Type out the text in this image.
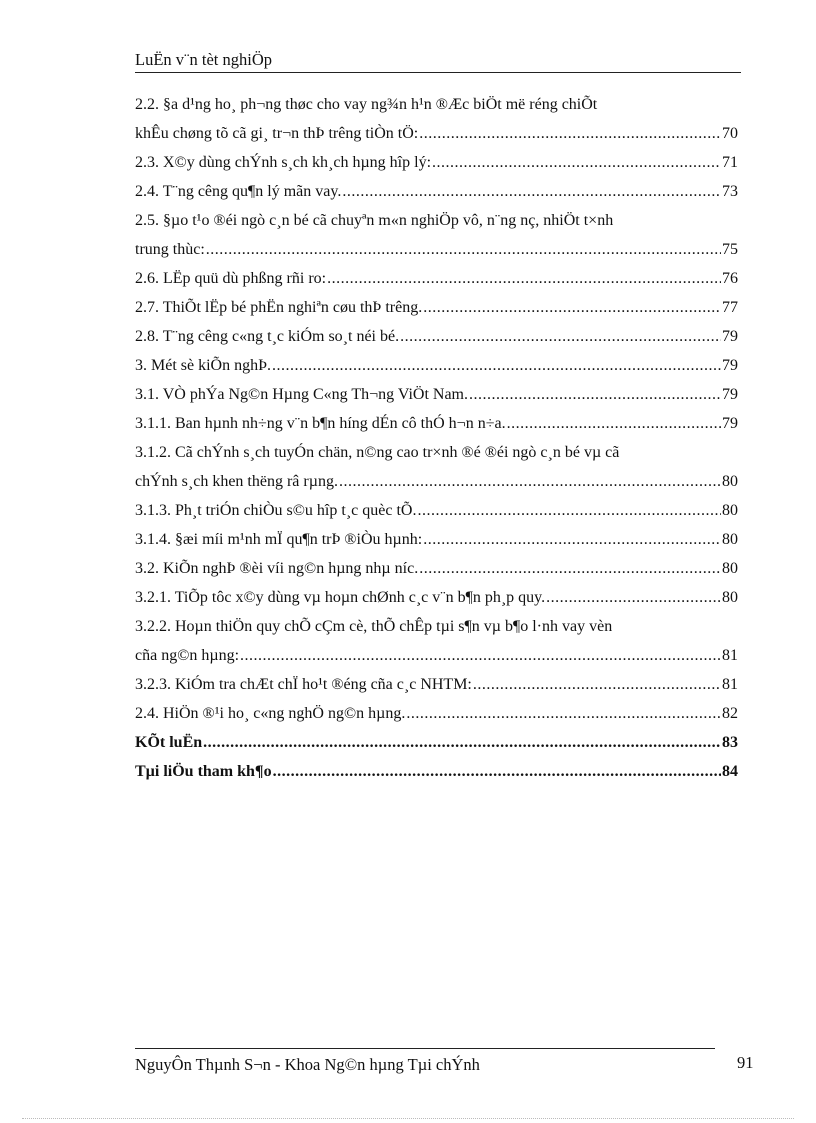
LuËn v¨n tèt nghiÖp
2.2. §a d¹ng ho¸ ph¬ng thøc cho vay ng¾n h¹n ®Æc biÖt më réng chiÕt
khÊu chøng tõ cã gi¸ tr¬n thÞ trêng tiÒn tÖ: .....	70
2.3. X©y dùng chÝnh s¸ch kh¸ch hµng hîp lý: .....	71
2.4. T¨ng cêng qu¶n lý mãn vay. .....	73
2.5. §µo t¹o ®éi ngò c¸n bé cã chuyªn m«n nghiÖp vô, n¨ng nç, nhiÖt t×nh
trung thùc: .....	75
2.6. LËp quü dù phßng rñi ro: .....	76
2.7. ThiÕt lËp bé phËn nghiªn cøu thÞ trêng. .....	77
2.8. T¨ng cêng c«ng t¸c kiÓm so¸t néi bé. .....	79
3. Mét sè kiÕn nghÞ. .....	79
3.1. VÒ phÝa Ng©n Hµng C«ng Th¬ng ViÖt Nam. .....	79
3.1.1. Ban hµnh nh÷ng v¨n b¶n híng dÉn cô thÓ h¬n n÷a. .....	79
3.1.2. Cã chÝnh s¸ch tuyÓn chän, n©ng cao tr×nh ®é ®éi ngò c¸n bé vµ cã
chÝnh s¸ch khen thëng râ rµng. .....	80
3.1.3. Ph¸t triÓn chiÒu s©u hîp t¸c quèc tÕ. .....	80
3.1.4. §æi míi m¹nh mÏ qu¶n trÞ ®iÒu hµnh: .....	80
3.2. KiÕn nghÞ ®èi víi ng©n hµng nhµ níc. .....	80
3.2.1. TiÕp tôc x©y dùng vµ hoµn chØnh c¸c v¨n b¶n ph¸p quy. .....	80
3.2.2. Hoµn thiÖn quy chÕ cÇm cè, thÕ chÊp tµi s¶n vµ b¶o l·nh vay vèn
cña ng©n hµng: .....	81
3.2.3. KiÓm tra chÆt chÏ ho¹t ®éng cña c¸c NHTM: .....	81
2.4. HiÖn ®¹i ho¸ c«ng nghÖ ng©n hµng. .....	82
KÕt luËn .....	83
Tµi liÖu tham kh¶o .....	84
NguyÔn Thµnh S¬n - Khoa Ng©n hµng Tµi chÝnh	91
